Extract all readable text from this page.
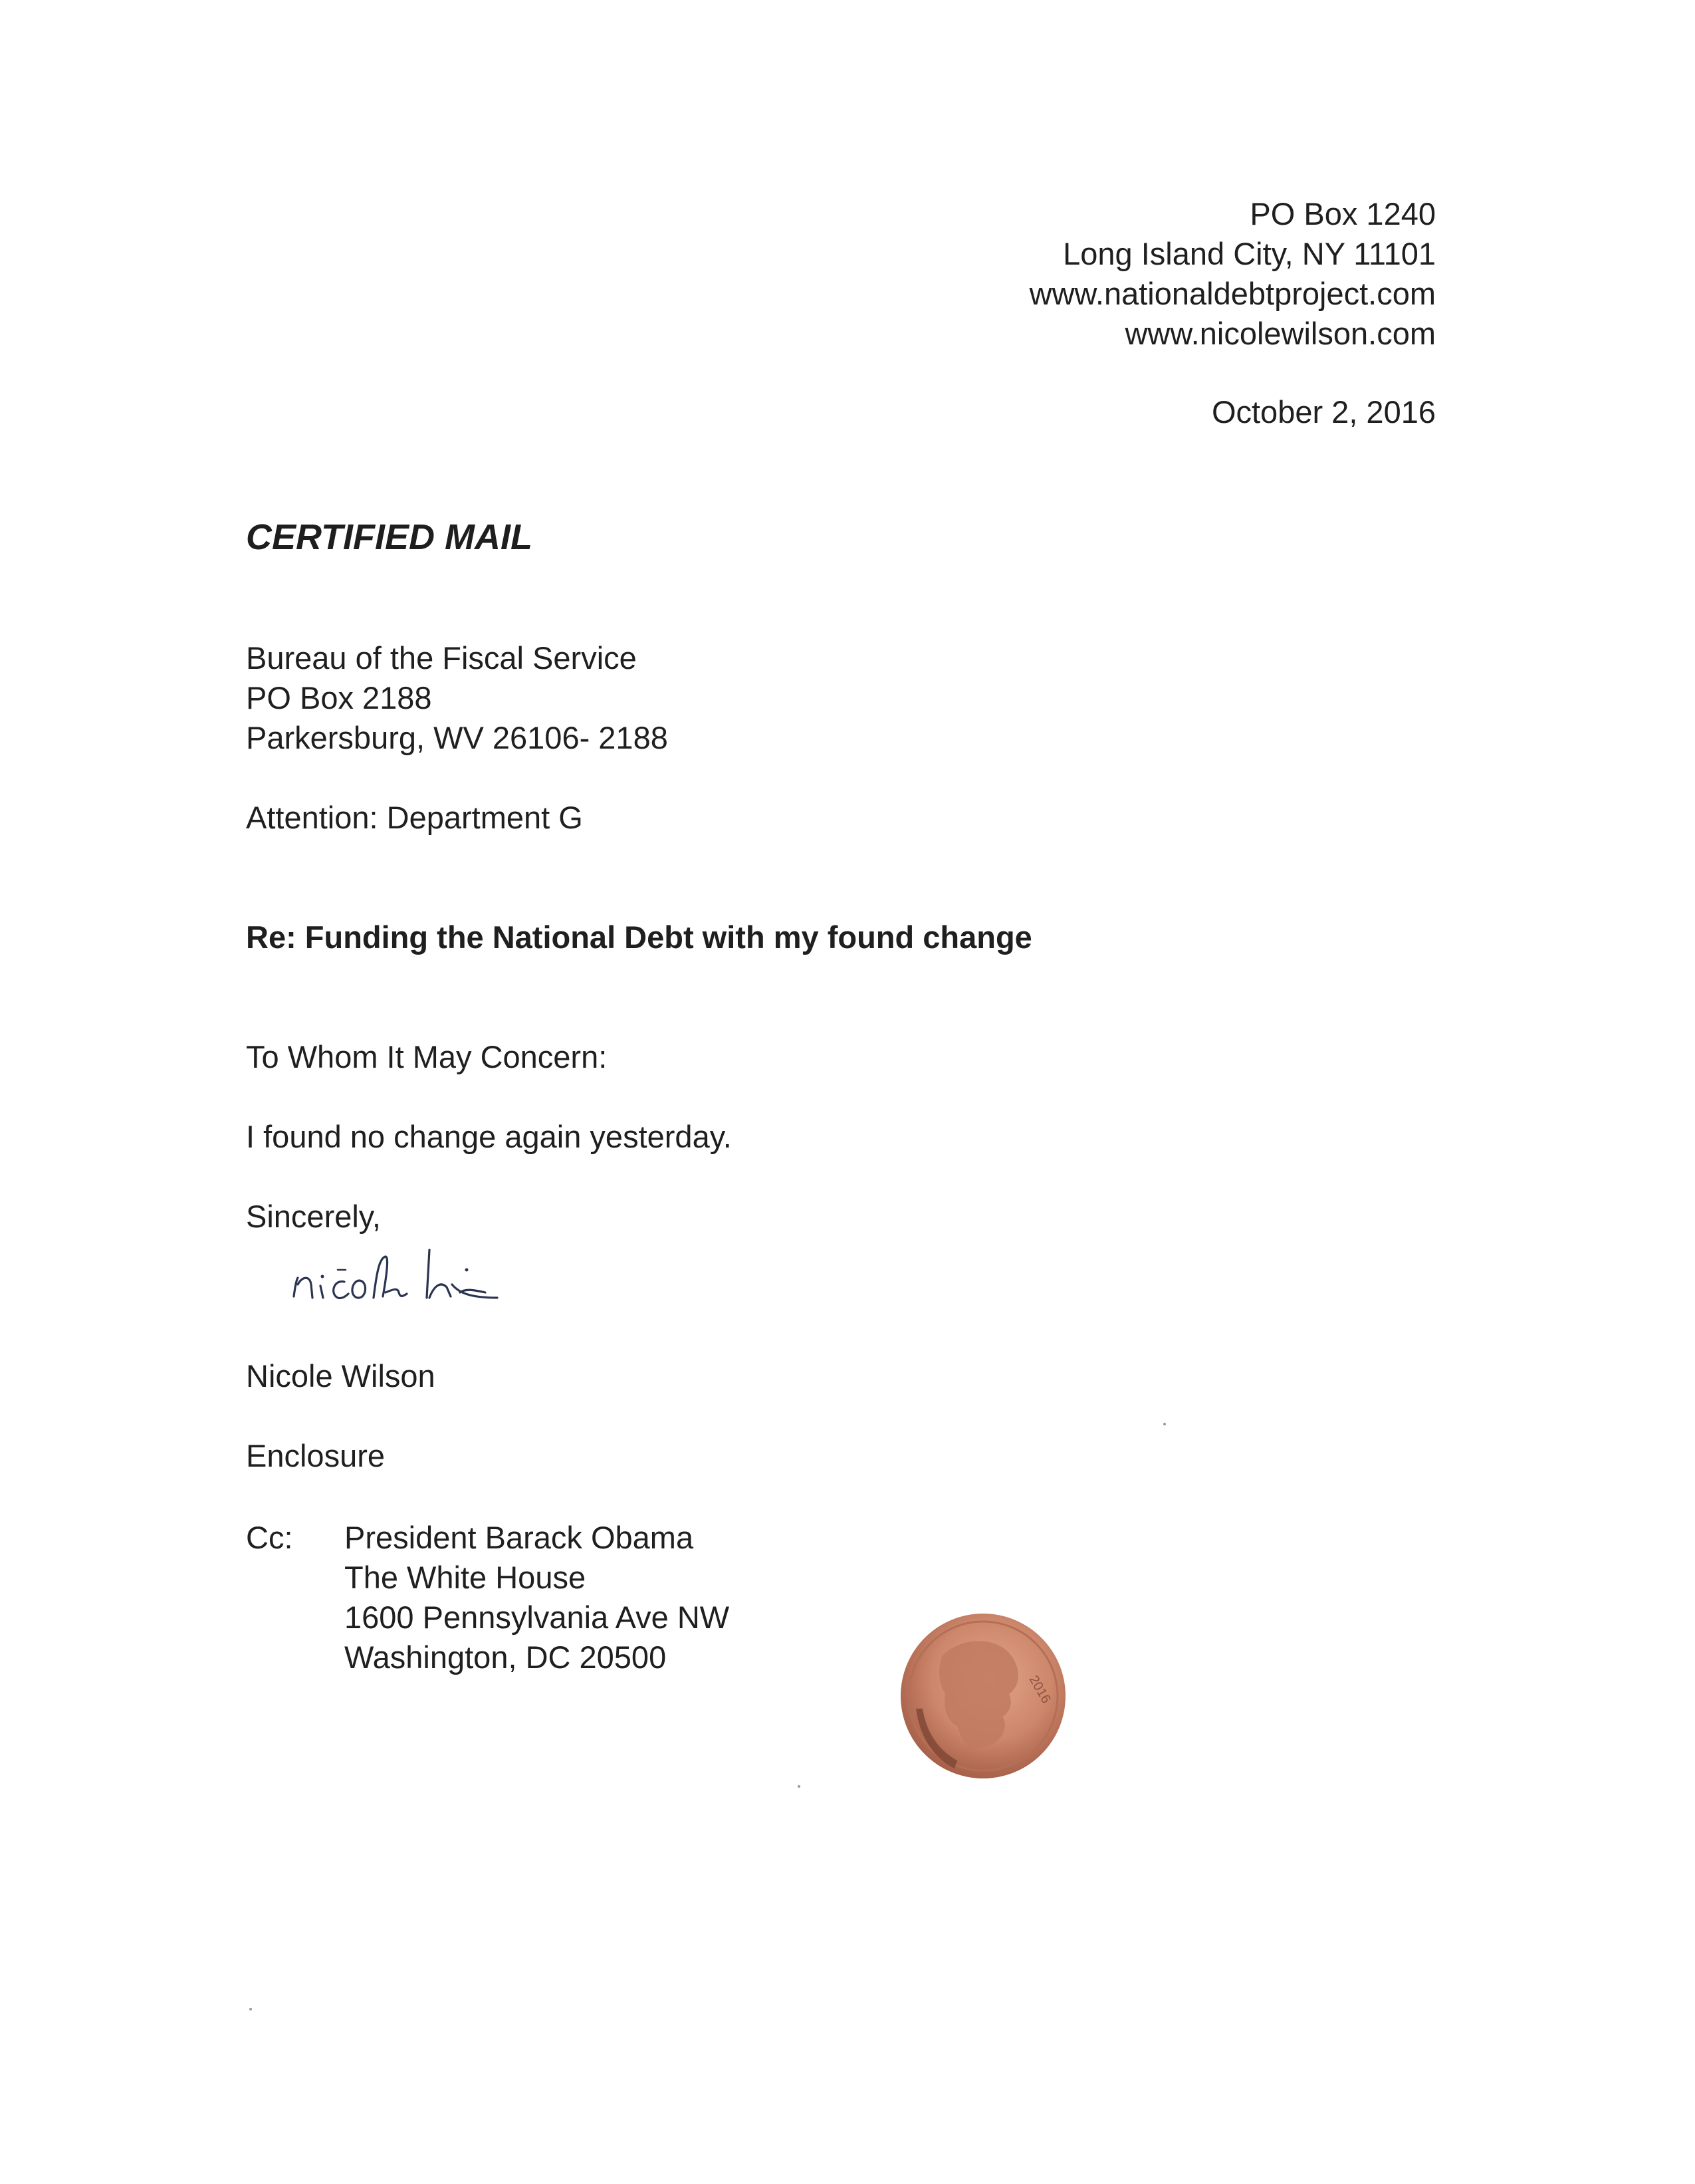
PO Box 1240
Long Island City, NY 11101
www.nationaldebtproject.com
www.nicolewilson.com
October 2, 2016
CERTIFIED MAIL
Bureau of the Fiscal Service
PO Box 2188
Parkersburg, WV 26106- 2188
Attention: Department G
Re: Funding the National Debt with my found change
To Whom It May Concern:
I found no change again yesterday.
Sincerely,
Nicole Wilson
Enclosure
Cc: President Barack Obama
The White House
1600 Pennsylvania Ave NW
Washington, DC 20500
2016
